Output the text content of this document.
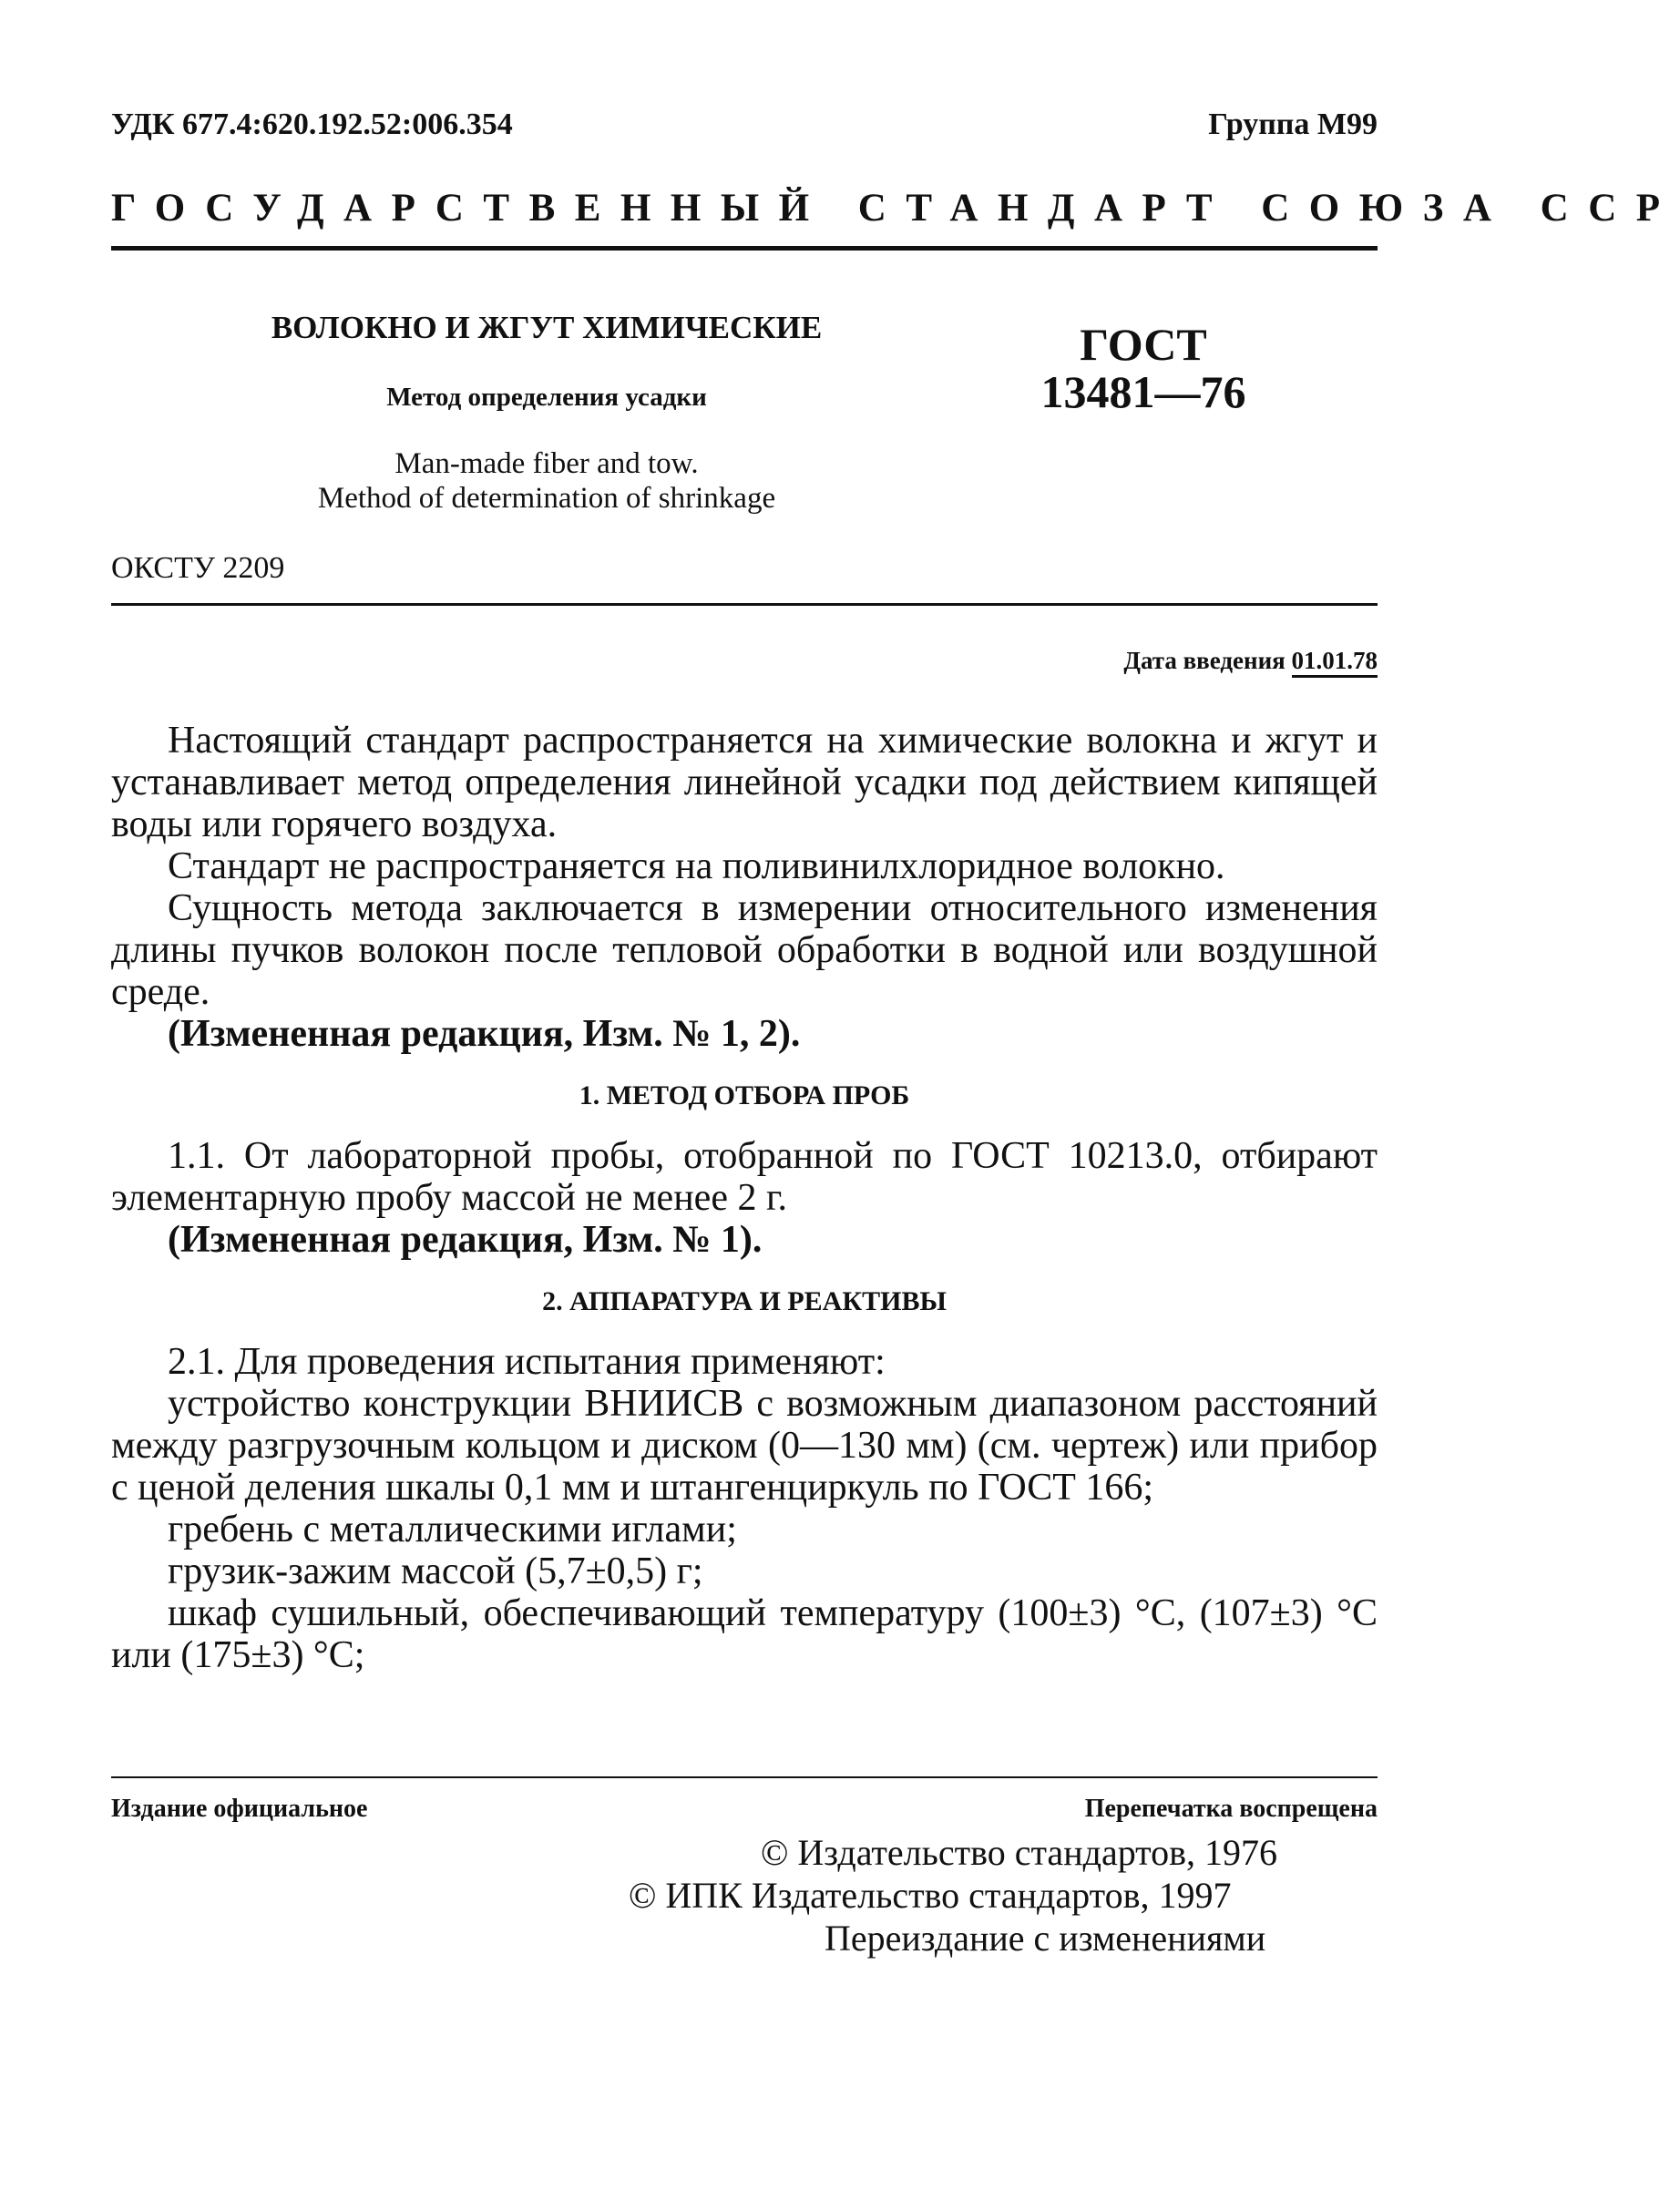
УДК 677.4:620.192.52:006.354	Группа М99
ГОСУДАРСТВЕННЫЙ СТАНДАРТ СОЮЗА ССР
ВОЛОКНО И ЖГУТ ХИМИЧЕСКИЕ
Метод определения усадки
Man-made fiber and tow.
Method of determination of shrinkage
ГОСТ
13481—76
ОКСТУ 2209
Дата введения 01.01.78

Настоящий стандарт распространяется на химические волокна и жгут и устанавливает метод определения линейной усадки под действием кипящей воды или горячего воздуха.

Стандарт не распространяется на поливинилхлоридное волокно.

Сущность метода заключается в измерении относительного изменения длины пучков волокон после тепловой обработки в водной или воздушной среде.

(Измененная редакция, Изм. № 1, 2).

1. МЕТОД ОТБОРА ПРОБ

1.1. От лабораторной пробы, отобранной по ГОСТ 10213.0, отбирают элементарную пробу массой не менее 2 г.

(Измененная редакция, Изм. № 1).

2. АППАРАТУРА И РЕАКТИВЫ

2.1. Для проведения испытания применяют:

устройство конструкции ВНИИСВ с возможным диапазоном расстояний между разгрузочным кольцом и диском (0—130 мм) (см. чертеж) или прибор с ценой деления шкалы 0,1 мм и штангенциркуль по ГОСТ 166;

гребень с металлическими иглами;

грузик-зажим массой (5,7±0,5) г;

шкаф сушильный, обеспечивающий температуру (100±3) °С, (107±3) °С или (175±3) °С;

Издание официальное	Перепечатка воспрещена
© Издательство стандартов, 1976
© ИПК Издательство стандартов, 1997
Переиздание с изменениями
